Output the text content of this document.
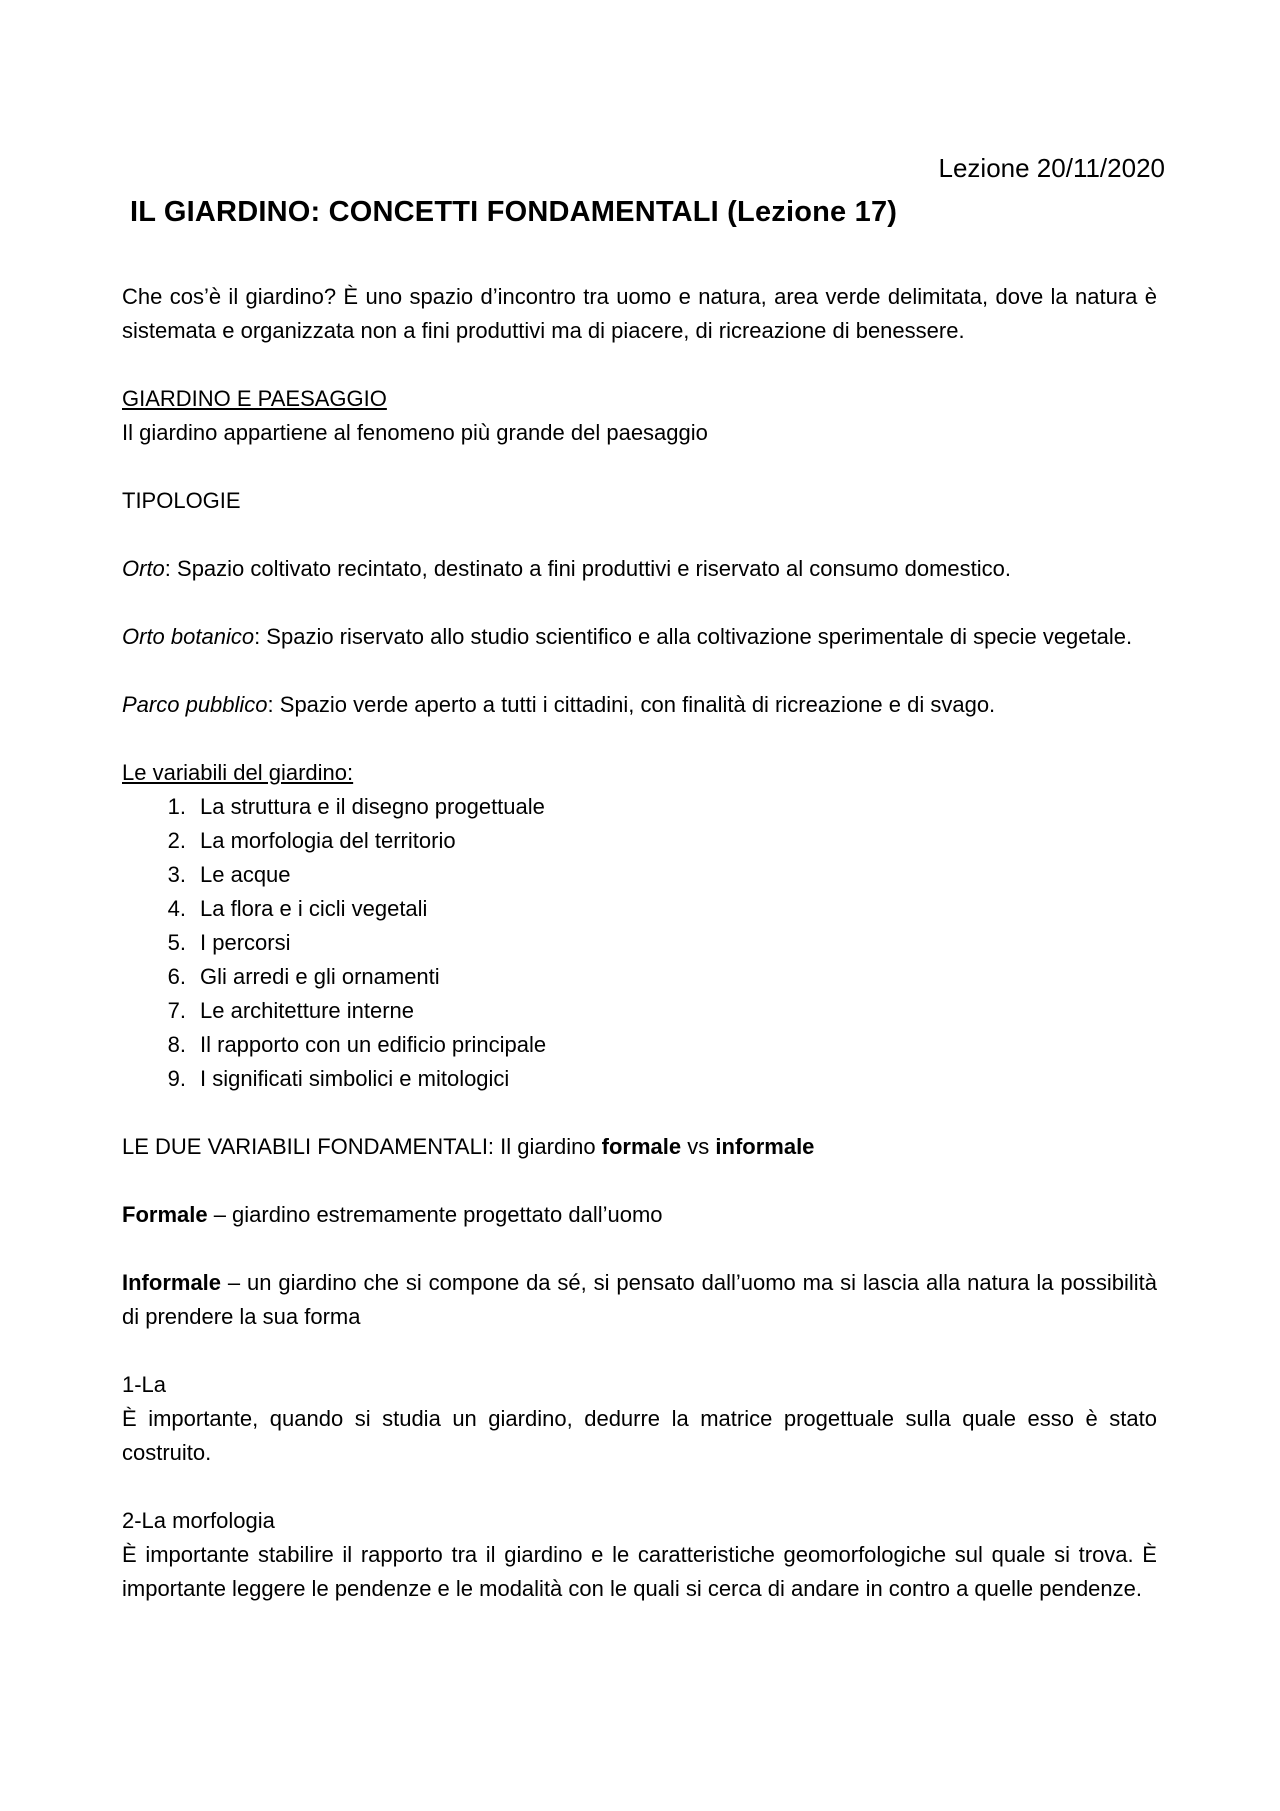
Lezione 20/11/2020
IL GIARDINO: CONCETTI FONDAMENTALI (Lezione 17)

Che cos’è il giardino? È uno spazio d’incontro tra uomo e natura, area verde delimitata, dove la natura è sistemata e organizzata non a fini produttivi ma di piacere, di ricreazione di benessere.

GIARDINO E PAESAGGIO

Il giardino appartiene al fenomeno più grande del paesaggio

TIPOLOGIE

Orto: Spazio coltivato recintato, destinato a fini produttivi e riservato al consumo domestico.

Orto botanico: Spazio riservato allo studio scientifico e alla coltivazione sperimentale di specie vegetale.

Parco pubblico: Spazio verde aperto a tutti i cittadini, con finalità di ricreazione e di svago.

Le variabili del giardino:

1. La struttura e il disegno progettuale
2. La morfologia del territorio
3. Le acque
4. La flora e i cicli vegetali
5. I percorsi
6. Gli arredi e gli ornamenti
7. Le architetture interne
8. Il rapporto con un edificio principale
9. I significati simbolici e mitologici

LE DUE VARIABILI FONDAMENTALI: Il giardino formale vs informale

Formale – giardino estremamente progettato dall’uomo

Informale – un giardino che si compone da sé, si pensato dall’uomo ma si lascia alla natura la possibilità di prendere la sua forma

1-La

È importante, quando si studia un giardino, dedurre la matrice progettuale sulla quale esso è stato costruito.

2-La morfologia

È importante stabilire il rapporto tra il giardino e le caratteristiche geomorfologiche sul quale si trova. È importante leggere le pendenze e le modalità con le quali si cerca di andare in contro a quelle pendenze.
